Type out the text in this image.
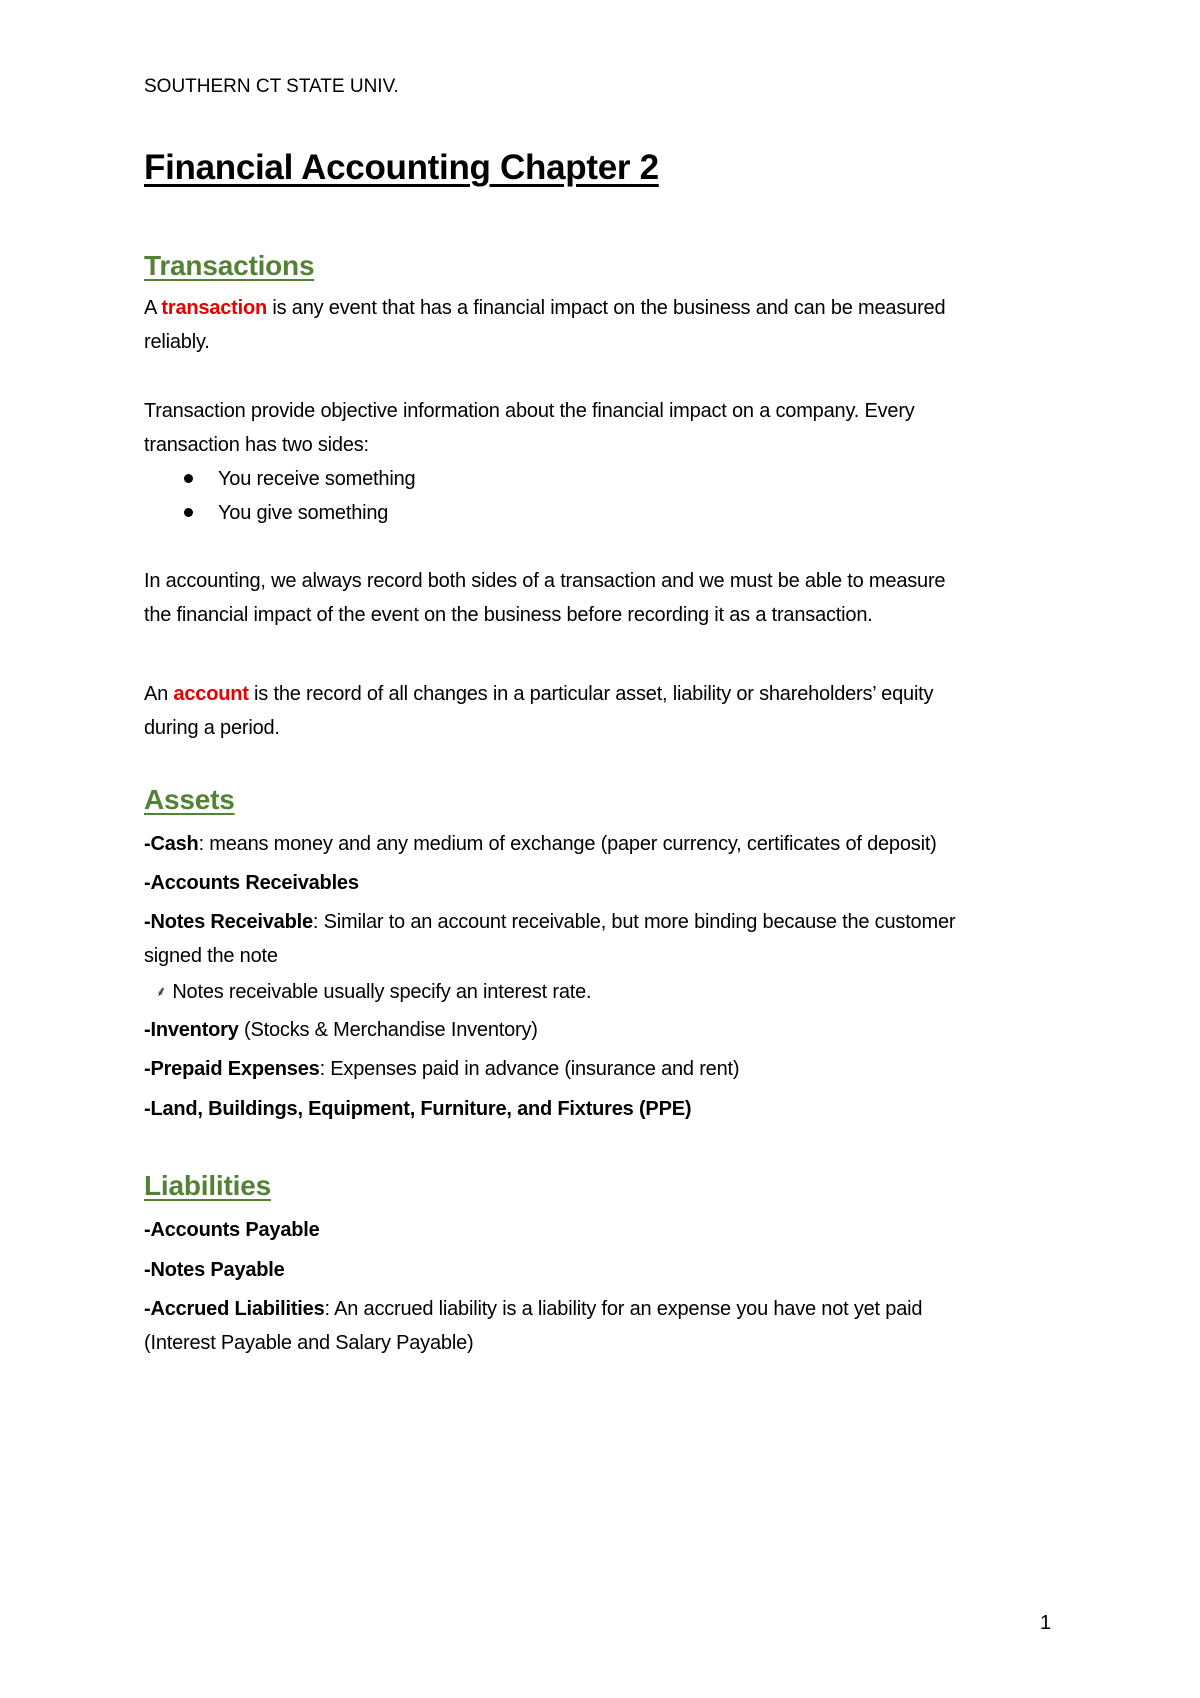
SOUTHERN CT STATE UNIV.
Financial Accounting Chapter 2
Transactions
A transaction is any event that has a financial impact on the business and can be measured
reliably.
Transaction provide objective information about the financial impact on a company. Every
transaction has two sides:
You receive something
You give something
In accounting, we always record both sides of a transaction and we must be able to measure
the financial impact of the event on the business before recording it as a transaction.
An account is the record of all changes in a particular asset, liability or shareholders’ equity
during a period.
Assets
-Cash: means money and any medium of exchange (paper currency, certificates of deposit)
-Accounts Receivables
-Notes Receivable: Similar to an account receivable, but more binding because the customer
signed the note
⸙ Notes receivable usually specify an interest rate.
-Inventory (Stocks & Merchandise Inventory)
-Prepaid Expenses: Expenses paid in advance (insurance and rent)
-Land, Buildings, Equipment, Furniture, and Fixtures (PPE)
Liabilities
-Accounts Payable
-Notes Payable
-Accrued Liabilities: An accrued liability is a liability for an expense you have not yet paid
(Interest Payable and Salary Payable)
1
